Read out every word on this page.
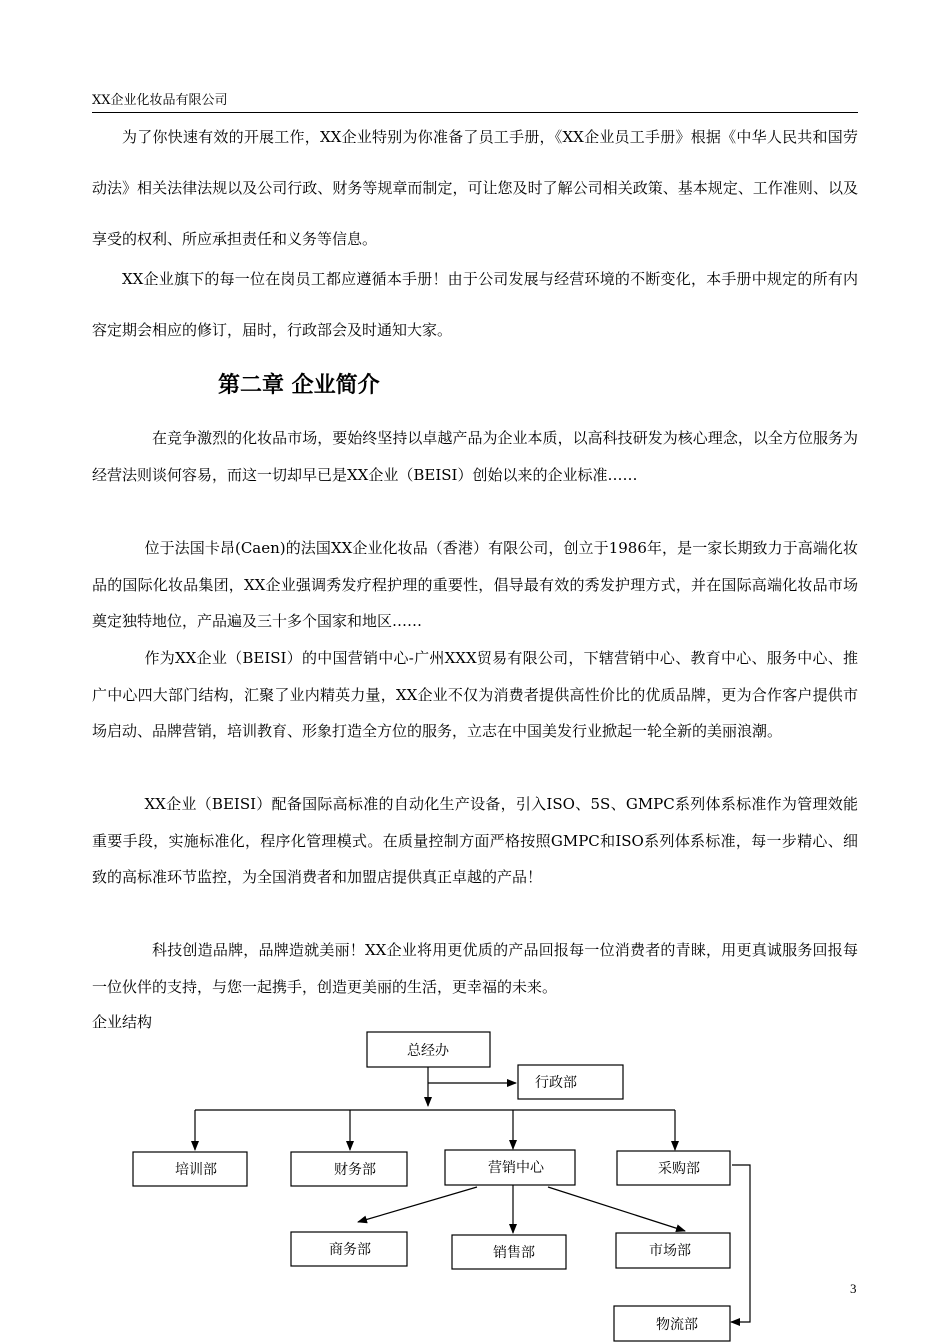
XX企业化妆品有限公司

为了你快速有效的开展工作，XX企业特别为你准备了员工手册，《XX企业员工手册》根据《中华人民共和国劳动法》相关法律法规以及公司行政、财务等规章而制定，可让您及时了解公司相关政策、基本规定、工作准则、以及享受的权利、所应承担责任和义务等信息。

XX企业旗下的每一位在岗员工都应遵循本手册！由于公司发展与经营环境的不断变化，本手册中规定的所有内容定期会相应的修订，届时，行政部会及时通知大家。

第二章 企业简介

在竞争激烈的化妆品市场，要始终坚持以卓越产品为企业本质，以高科技研发为核心理念，以全方位服务为经营法则谈何容易，而这一切却早已是XX企业（BEISI）创始以来的企业标准……

位于法国卡昂(Caen)的法国XX企业化妆品（香港）有限公司，创立于1986年，是一家长期致力于高端化妆品的国际化妆品集团，XX企业强调秀发疗程护理的重要性，倡导最有效的秀发护理方式，并在国际高端化妆品市场奠定独特地位，产品遍及三十多个国家和地区……

作为XX企业（BEISI）的中国营销中心-广州XXX贸易有限公司，下辖营销中心、教育中心、服务中心、推广中心四大部门结构，汇聚了业内精英力量，XX企业不仅为消费者提供高性价比的优质品牌，更为合作客户提供市场启动、品牌营销，培训教育、形象打造全方位的服务，立志在中国美发行业掀起一轮全新的美丽浪潮。

XX企业（BEISI）配备国际高标准的自动化生产设备，引入ISO、5S、GMPC系列体系标准作为管理效能重要手段，实施标准化，程序化管理模式。在质量控制方面严格按照GMPC和ISO系列体系标准，每一步精心、细致的高标准环节监控，为全国消费者和加盟店提供真正卓越的产品！

科技创造品牌，品牌造就美丽！XX企业将用更优质的产品回报每一位消费者的青睐，用更真诚服务回报每一位伙伴的支持，与您一起携手，创造更美丽的生活，更幸福的未来。

企业结构
总经办
行政部
培训部	财务部	营销中心	采购部
商务部	销售部	市场部
物流部
3
